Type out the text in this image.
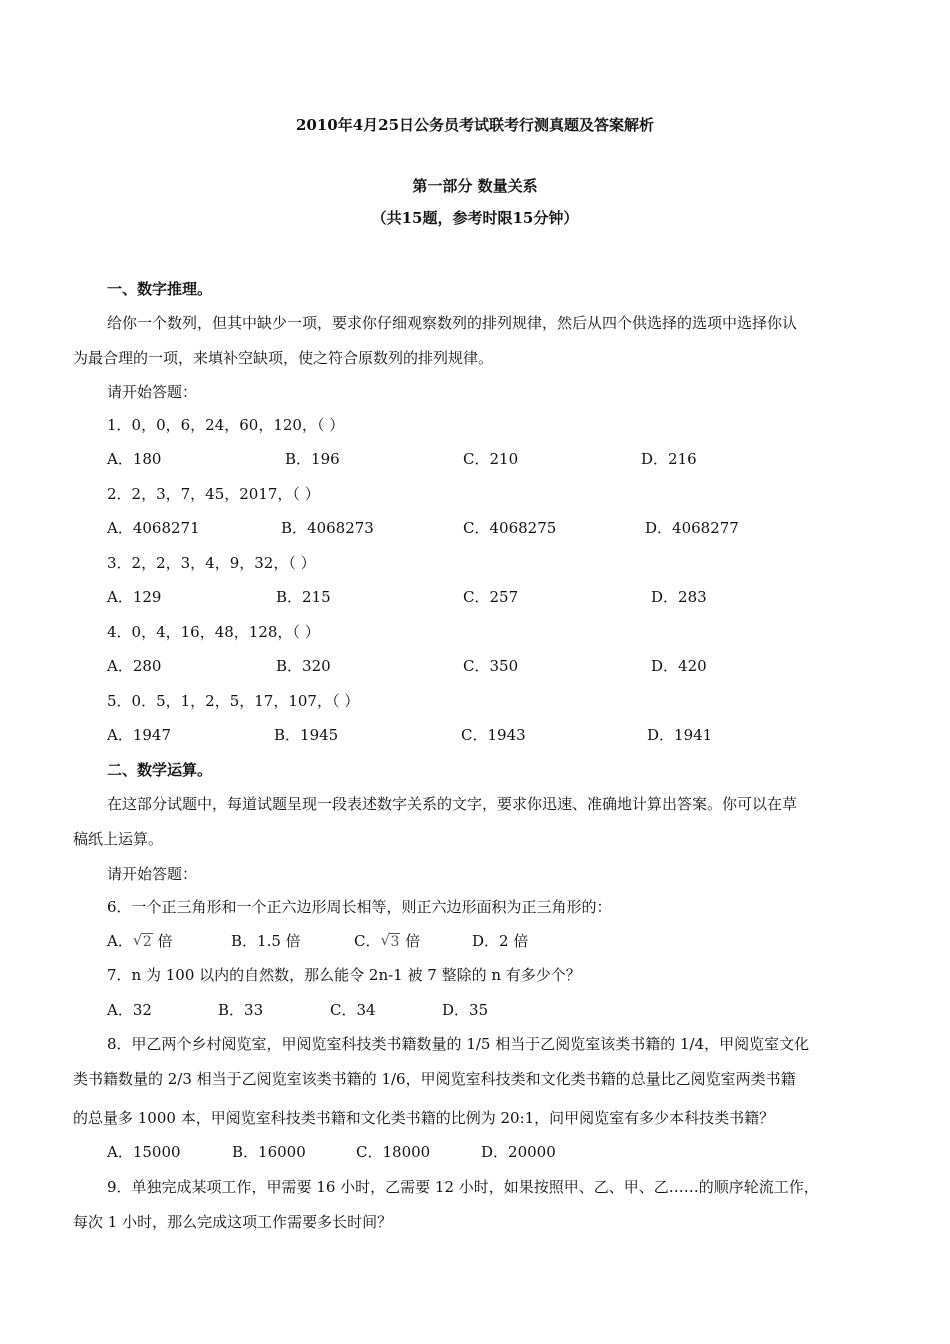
2010年4月25日公务员考试联考行测真题及答案解析
第一部分 数量关系
（共15题，参考时限15分钟）
一、数字推理。
给你一个数列，但其中缺少一项，要求你仔细观察数列的排列规律，然后从四个供选择的选项中选择你认
为最合理的一项，来填补空缺项，使之符合原数列的排列规律。
请开始答题：
1．0，0，6，24，60，120，（ ）
A．180	B．196	C．210	D．216
2．2，3，7，45，2017，（ ）
A．4068271	B．4068273	C．4068275	D．4068277
3．2，2，3，4，9，32，（ ）
A．129	B．215	C．257	D．283
4．0，4，16，48，128，（ ）
A．280	B．320	C．350	D．420
5．0．5，1，2，5，17，107，（ ）
A．1947	B．1945	C．1943	D．1941
二、数学运算。
在这部分试题中，每道试题呈现一段表述数字关系的文字，要求你迅速、准确地计算出答案。你可以在草
稿纸上运算。
请开始答题：
6．一个正三角形和一个正六边形周长相等，则正六边形面积为正三角形的：
A． √ 2 倍	B．1.5 倍	C． √ 3 倍	D．2 倍
7．n 为 100 以内的自然数，那么能令 2n-1 被 7 整除的 n 有多少个？
A．32	B．33	C．34	D．35
8．甲乙两个乡村阅览室，甲阅览室科技类书籍数量的 1/5 相当于乙阅览室该类书籍的 1/4，甲阅览室文化
类书籍数量的 2/3 相当于乙阅览室该类书籍的 1/6，甲阅览室科技类和文化类书籍的总量比乙阅览室两类书籍
的总量多 1000 本，甲阅览室科技类书籍和文化类书籍的比例为 20:1，问甲阅览室有多少本科技类书籍？
A．15000	B．16000	C．18000	D．20000
9．单独完成某项工作，甲需要 16 小时，乙需要 12 小时，如果按照甲、乙、甲、乙……的顺序轮流工作，
每次 1 小时，那么完成这项工作需要多长时间？
